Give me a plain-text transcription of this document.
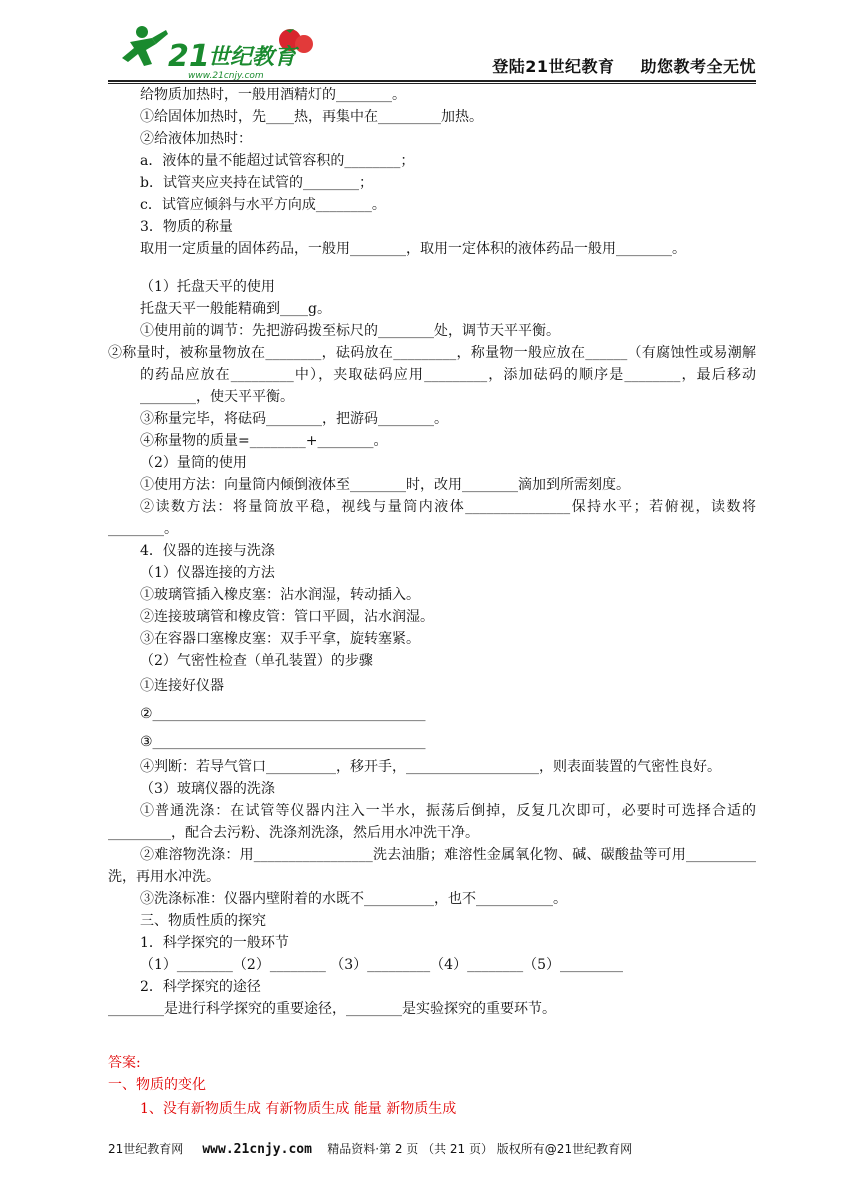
21
世纪教育
www.21cnjy.com	登陆21世纪教育 助您教考全无忧
给物质加热时，一般用酒精灯的________。
①给固体加热时，先____热，再集中在_________加热。
②给液体加热时：
a．液体的量不能超过试管容积的________；
b．试管夹应夹持在试管的________；
c．试管应倾斜与水平方向成________。
3．物质的称量
取用一定质量的固体药品，一般用________，取用一定体积的液体药品一般用________。
（1）托盘天平的使用
托盘天平一般能精确到____g。
①使用前的调节：先把游码拨至标尺的________处，调节天平平衡。
②称量时，被称量物放在________，砝码放在_________，称量物一般应放在______（有腐蚀性或易潮解的药品应放在_________中），夹取砝码应用_________，添加砝码的顺序是________，最后移动________，使天平平衡。
③称量完毕，将砝码________，把游码________。
④称量物的质量=________+________。
（2）量筒的使用
①使用方法：向量筒内倾倒液体至________时，改用________滴加到所需刻度。
②读数方法：将量筒放平稳，视线与量筒内液体_______________保持水平；若俯视，读数将________。
4．仪器的连接与洗涤
（1）仪器连接的方法
①玻璃管插入橡皮塞：沾水润湿，转动插入。
②连接玻璃管和橡皮管：管口平圆，沾水润湿。
③在容器口塞橡皮塞：双手平拿，旋转塞紧。
（2）气密性检查（单孔装置）的步骤
①连接好仪器
②_______________________________________
③_______________________________________
④判断：若导气管口__________，移开手，___________________，则表面装置的气密性良好。
（3）玻璃仪器的洗涤
①普通洗涤：在试管等仪器内注入一半水，振荡后倒掉，反复几次即可，必要时可选择合适的_________，配合去污粉、洗涤剂洗涤，然后用水冲洗干净。
②难溶物洗涤：用_________________洗去油脂；难溶性金属氧化物、碱、碳酸盐等可用__________洗，再用水冲洗。
③洗涤标准：仪器内壁附着的水既不__________，也不___________。
三、物质性质的探究
1．科学探究的一般环节
（1）________（2）________ （3）_________（4）________（5）_________
2．科学探究的途径
________是进行科学探究的重要途径，________是实验探究的重要环节。
答案:
一、物质的变化
1、没有新物质生成 有新物质生成 能量 新物质生成
21世纪教育网 www.21cnjy.com 精品资料·第 2 页 （共 21 页） 版权所有@21世纪教育网
